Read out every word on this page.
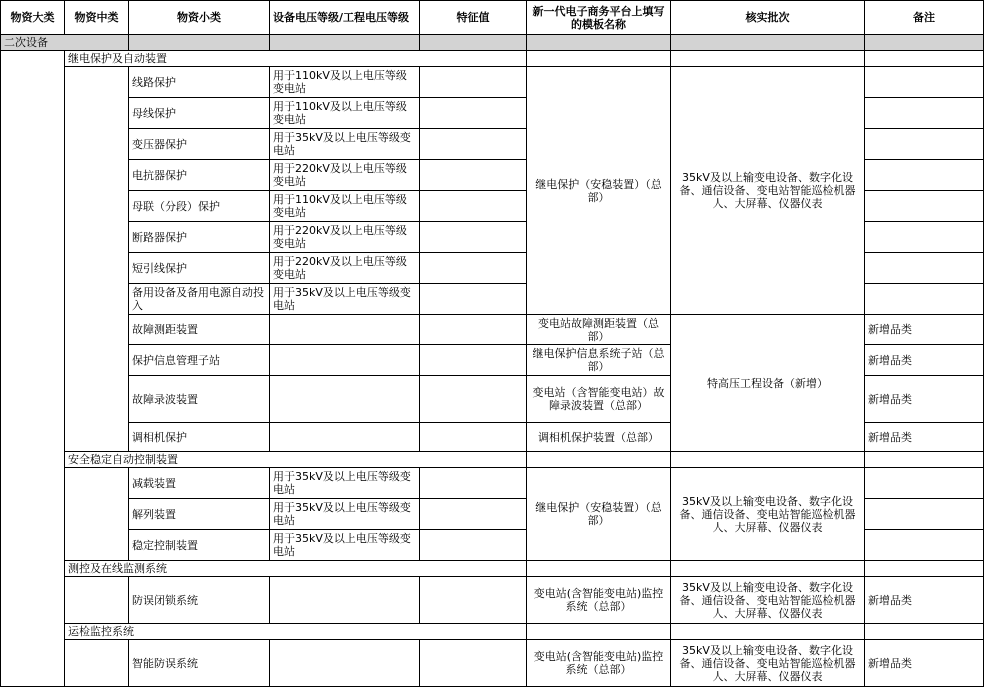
物资大类	物资中类	物资小类	设备电压等级/工程电压等级	特征值	新一代电子商务平台上填写的模板名称	核实批次	备注
二次设备							
	继电保护及自动装置						
		线路保护	用于110kV及以上电压等级变电站		继电保护（安稳装置）（总部）	35kV及以上输变电设备、数字化设备、通信设备、变电站智能巡检机器人、大屏幕、仪器仪表	
		母线保护	用于110kV及以上电压等级变电站				
		变压器保护	用于35kV及以上电压等级变电站				
		电抗器保护	用于220kV及以上电压等级变电站				
		母联（分段）保护	用于110kV及以上电压等级变电站				
		断路器保护	用于220kV及以上电压等级变电站				
		短引线保护	用于220kV及以上电压等级变电站				
		备用设备及备用电源自动投入	用于35kV及以上电压等级变电站				
		故障测距装置			变电站故障测距装置（总部）	特高压工程设备（新增）	新增品类
		保护信息管理子站			继电保护信息系统子站（总部）		新增品类
		故障录波装置			变电站（含智能变电站）故障录波装置（总部）		新增品类
		调相机保护			调相机保护装置（总部）		新增品类
	安全稳定自动控制装置						
		减载装置	用于35kV及以上电压等级变电站		继电保护（安稳装置）（总部）	35kV及以上输变电设备、数字化设备、通信设备、变电站智能巡检机器人、大屏幕、仪器仪表	
		解列装置	用于35kV及以上电压等级变电站				
		稳定控制装置	用于35kV及以上电压等级变电站				
	测控及在线监测系统						
		防误闭锁系统			变电站(含智能变电站)监控系统（总部）	35kV及以上输变电设备、数字化设备、通信设备、变电站智能巡检机器人、大屏幕、仪器仪表	新增品类
	运检监控系统						
		智能防误系统			变电站(含智能变电站)监控系统（总部）	35kV及以上输变电设备、数字化设备、通信设备、变电站智能巡检机器人、大屏幕、仪器仪表	新增品类
